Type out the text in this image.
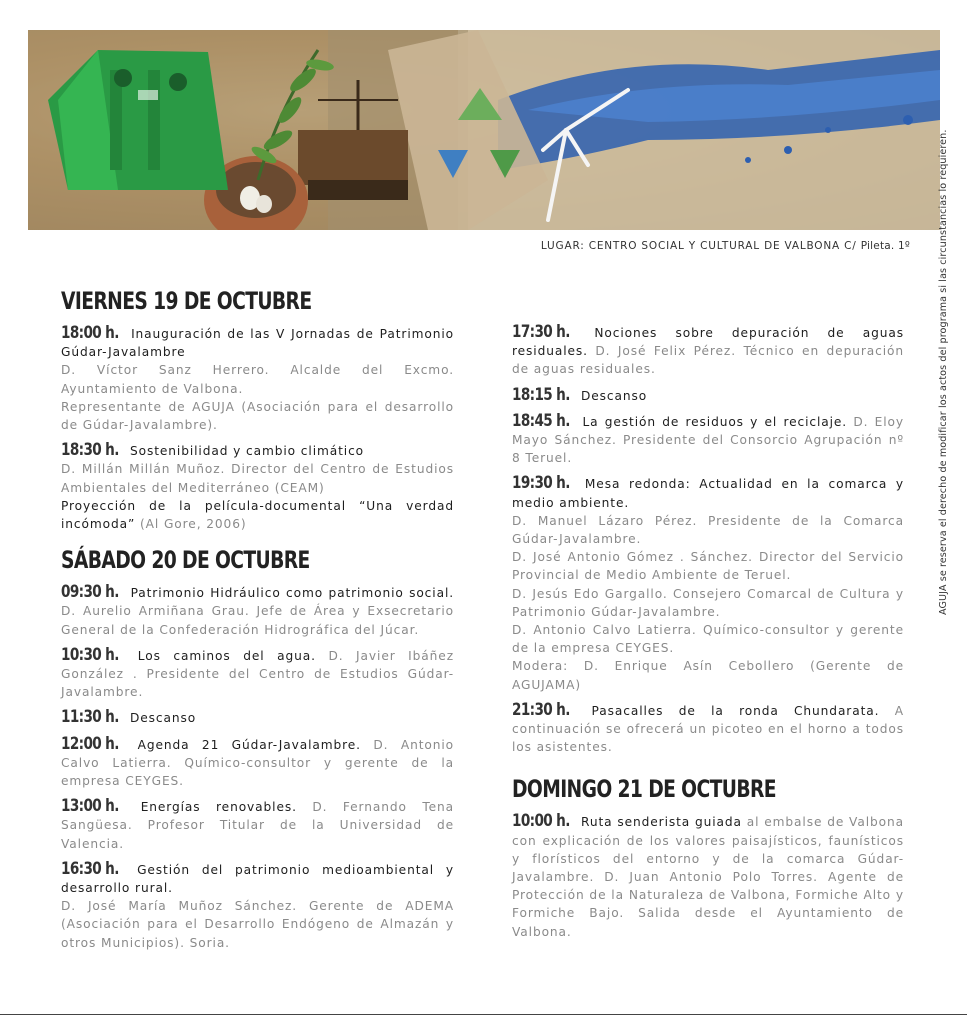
AGUJA se reserva el derecho de modificar los actos del programa si las circunstancias lo requieren.
LUGAR: CENTRO SOCIAL Y CULTURAL DE VALBONA C/ Pileta. 1º
VIERNES 19 DE OCTUBRE
18:00 h. Inauguración de las V Jornadas de Patrimonio Gúdar-Javalambre
D. Víctor Sanz Herrero. Alcalde del Excmo. Ayuntamiento de Valbona.
Representante de AGUJA (Asociación para el desarrollo de Gúdar-Javalambre).
18:30 h. Sostenibilidad y cambio climático
D. Millán Millán Muñoz. Director del Centro de Estudios Ambientales del Mediterráneo (CEAM)
Proyección de la película-documental “Una verdad incómoda” (Al Gore, 2006)
SÁBADO 20 DE OCTUBRE
09:30 h. Patrimonio Hidráulico como patrimonio social. D. Aurelio Armiñana Grau. Jefe de Área y Exsecretario General de la Confederación Hidrográfica del Júcar.
10:30 h. Los caminos del agua. D. Javier Ibáñez González . Presidente del Centro de Estudios Gúdar-Javalambre.
11:30 h. Descanso
12:00 h. Agenda 21 Gúdar-Javalambre. D. Antonio Calvo Latierra. Químico-consultor y gerente de la empresa CEYGES.
13:00 h. Energías renovables. D. Fernando Tena Sangüesa. Profesor Titular de la Universidad de Valencia.
16:30 h. Gestión del patrimonio medioambiental y desarrollo rural.
D. José María Muñoz Sánchez. Gerente de ADEMA (Asociación para el Desarrollo Endógeno de Almazán y otros Municipios). Soria.
17:30 h. Nociones sobre depuración de aguas residuales. D. José Felix Pérez. Técnico en depuración de aguas residuales.
18:15 h. Descanso
18:45 h. La gestión de residuos y el reciclaje. D. Eloy Mayo Sánchez. Presidente del Consorcio Agrupación nº 8 Teruel.
19:30 h. Mesa redonda: Actualidad en la comarca y medio ambiente.
D. Manuel Lázaro Pérez. Presidente de la Comarca Gúdar-Javalambre.
D. José Antonio Gómez . Sánchez. Director del Servicio Provincial de Medio Ambiente de Teruel.
D. Jesús Edo Gargallo. Consejero Comarcal de Cultura y Patrimonio Gúdar-Javalambre.
D. Antonio Calvo Latierra. Químico-consultor y gerente de la empresa CEYGES.
Modera: D. Enrique Asín Cebollero (Gerente de AGUJAMA)
21:30 h. Pasacalles de la ronda Chundarata. A continuación se ofrecerá un picoteo en el horno a todos los asistentes.
DOMINGO 21 DE OCTUBRE
10:00 h. Ruta senderista guiada al embalse de Valbona con explicación de los valores paisajísticos, faunísticos y florísticos del entorno y de la comarca Gúdar-Javalambre. D. Juan Antonio Polo Torres. Agente de Protección de la Naturaleza de Valbona, Formiche Alto y Formiche Bajo. Salida desde el Ayuntamiento de Valbona.
